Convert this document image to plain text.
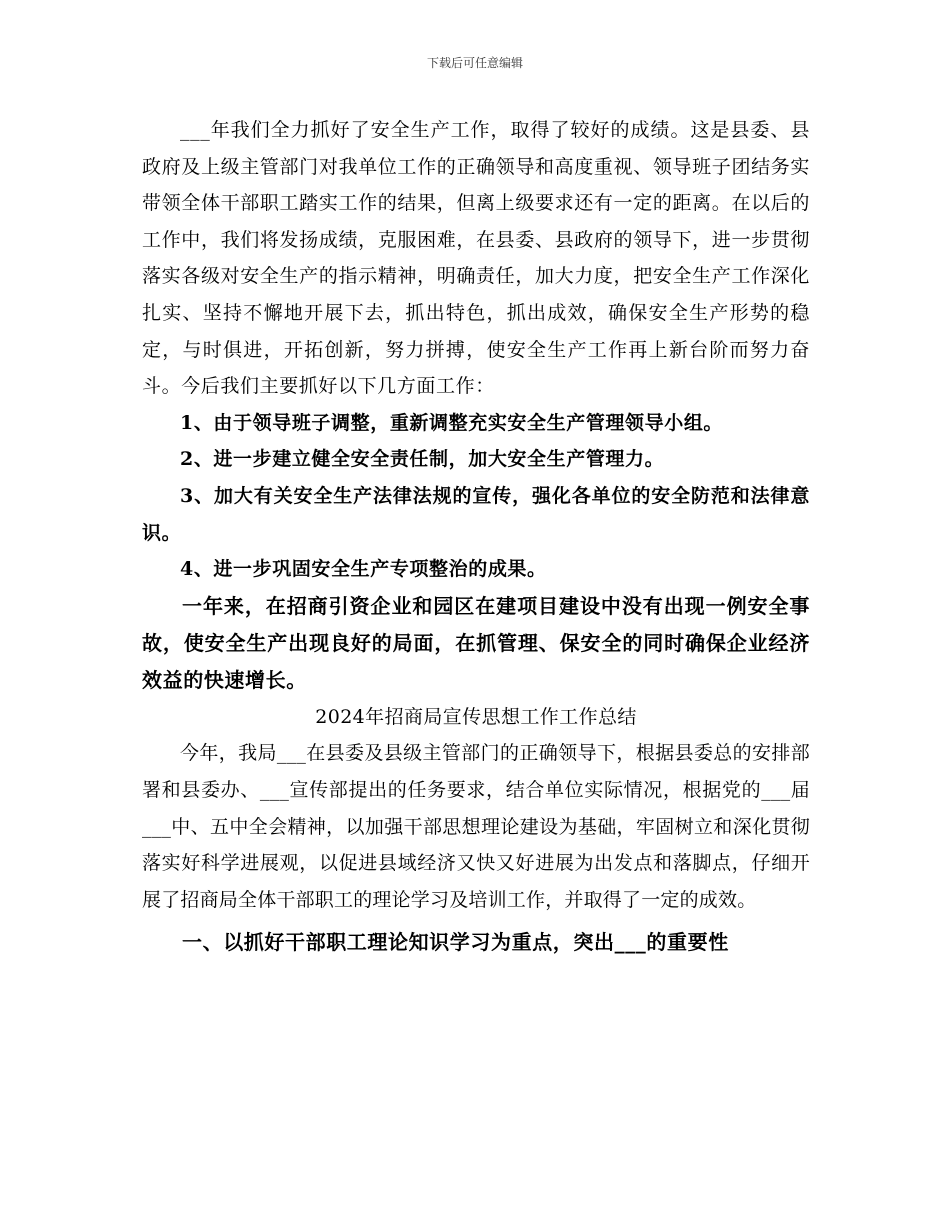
下载后可任意编辑

___年我们全力抓好了安全生产工作，取得了较好的成绩。这是县委、县政府及上级主管部门对我单位工作的正确领导和高度重视、领导班子团结务实带领全体干部职工踏实工作的结果，但离上级要求还有一定的距离。在以后的工作中，我们将发扬成绩，克服困难，在县委、县政府的领导下，进一步贯彻落实各级对安全生产的指示精神，明确责任，加大力度，把安全生产工作深化扎实、坚持不懈地开展下去，抓出特色，抓出成效，确保安全生产形势的稳定，与时俱进，开拓创新，努力拼搏，使安全生产工作再上新台阶而努力奋斗。今后我们主要抓好以下几方面工作：

1、由于领导班子调整，重新调整充实安全生产管理领导小组。

2、进一步建立健全安全责任制，加大安全生产管理力。

3、加大有关安全生产法律法规的宣传，强化各单位的安全防范和法律意识。

4、进一步巩固安全生产专项整治的成果。

一年来，在招商引资企业和园区在建项目建设中没有出现一例安全事故，使安全生产出现良好的局面，在抓管理、保安全的同时确保企业经济效益的快速增长。

2024年招商局宣传思想工作工作总结

今年，我局___在县委及县级主管部门的正确领导下，根据县委总的安排部署和县委办、___宣传部提出的任务要求，结合单位实际情况，根据党的___届___中、五中全会精神，以加强干部思想理论建设为基础，牢固树立和深化贯彻落实好科学进展观，以促进县域经济又快又好进展为出发点和落脚点，仔细开展了招商局全体干部职工的理论学习及培训工作，并取得了一定的成效。

一、以抓好干部职工理论知识学习为重点，突出___的重要性
